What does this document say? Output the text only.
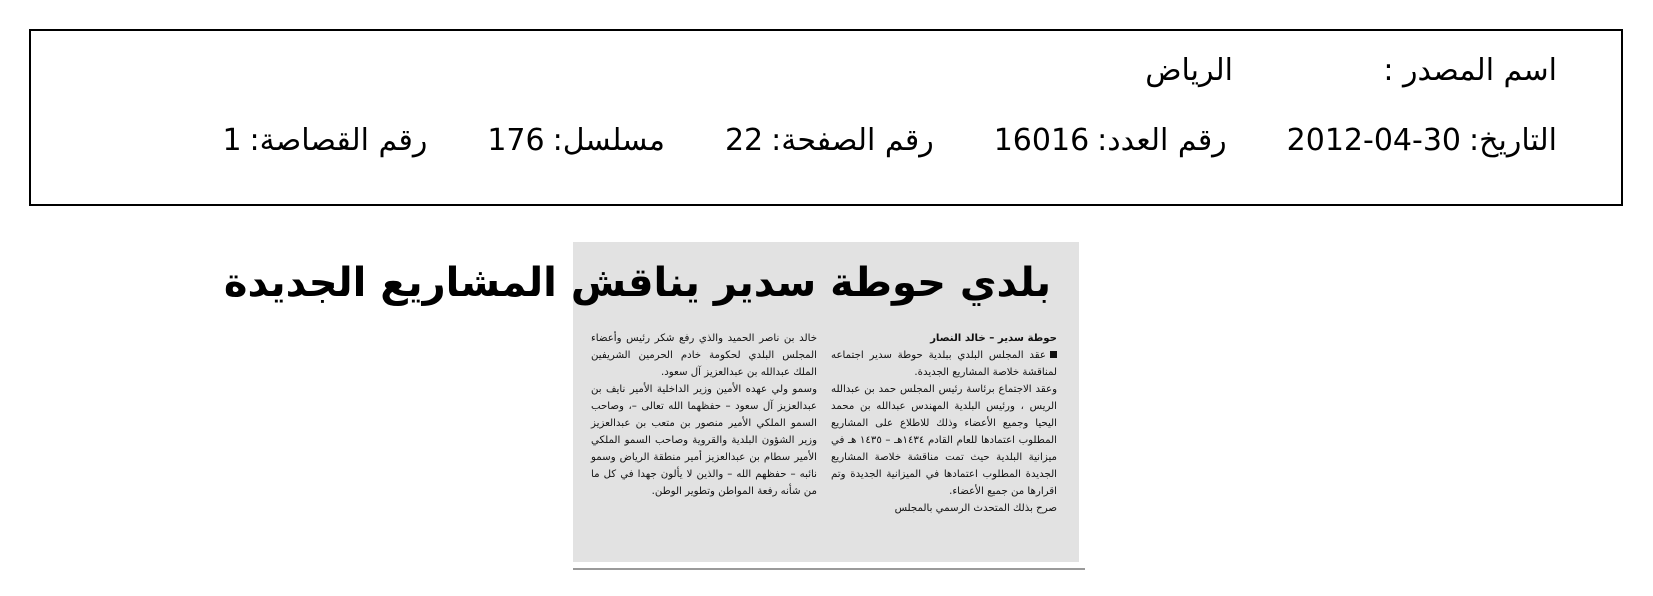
اسم المصدر :
الرياض
التاريخ:
2012-04-30
رقم العدد:
16016
رقم الصفحة:
22
مسلسل:
176
رقم القصاصة:
1
بلدي حوطة سدير يناقش المشاريع الجديدة
حوطة سدير – خالد النصار
عقد المجلس البلدي ببلدية حوطة سدير اجتماعه لمناقشة خلاصة المشاريع الجديدة.
وعقد الاجتماع برئاسة رئيس المجلس حمد بن عبدالله الريس ، ورئيس البلدية المهندس عبدالله بن محمد اليحيا وجميع الأعضاء وذلك للاطلاع على المشاريع المطلوب اعتمادها للعام القادم ١٤٣٤هـ – ١٤٣٥ هـ في ميزانية البلدية حيث تمت مناقشة خلاصة المشاريع الجديدة المطلوب اعتمادها في الميزانية الجديدة وتم اقرارها من جميع الأعضاء.
صرح بذلك المتحدث الرسمي بالمجلس
خالد بن ناصر الحميد والذي رفع شكر رئيس وأعضاء المجلس البلدي لحكومة خادم الحرمين الشريفين الملك عبدالله بن عبدالعزيز آل سعود.
وسمو ولي عهده الأمين وزير الداخلية الأمير نايف بن عبدالعزيز آل سعود – حفظهما الله تعالى –، وصاحب السمو الملكي الأمير منصور بن متعب بن عبدالعزيز وزير الشؤون البلدية والقروية وصاحب السمو الملكي الأمير سطام بن عبدالعزيز أمير منطقة الرياض وسمو نائبه – حفظهم الله – والذين لا يألون جهدا في كل ما من شأنه رفعة المواطن وتطوير الوطن.
